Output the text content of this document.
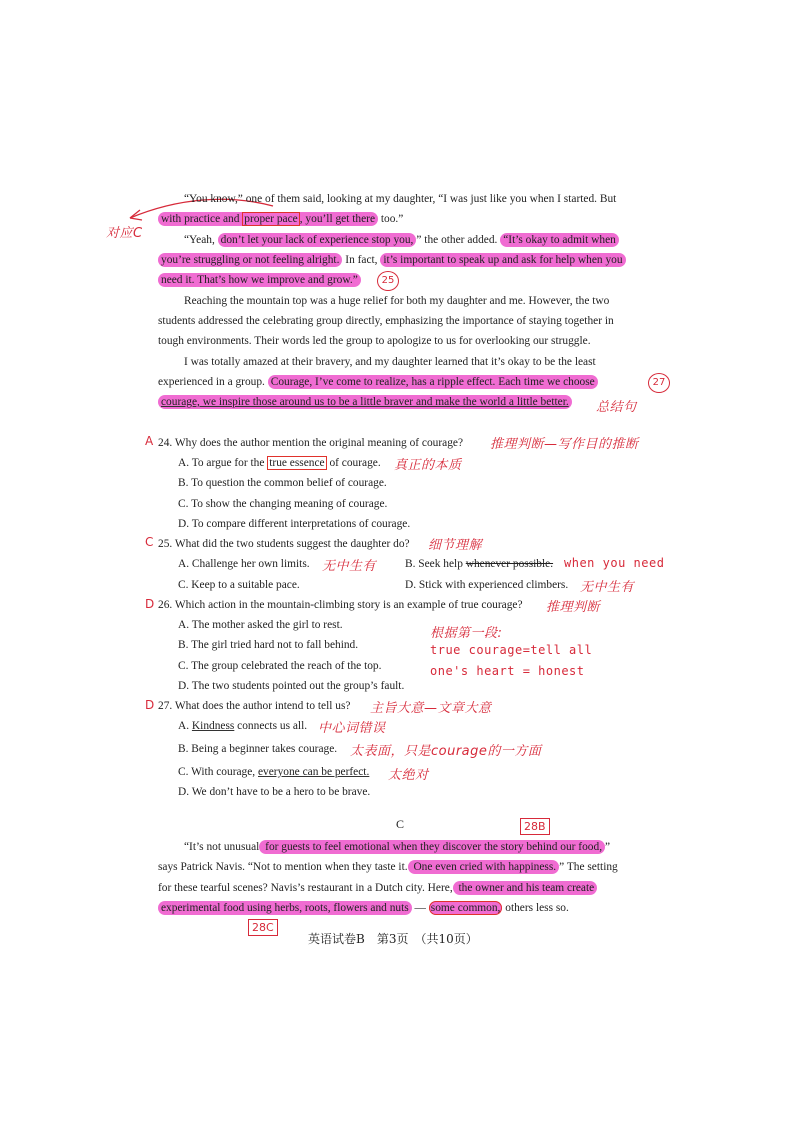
对应C
“You know,” one of them said, looking at my daughter, “I was just like you when I started. But
with practice and proper pace , you’ll get there too.”
“Yeah, don’t let your lack of experience stop you, ” the other added. “It’s okay to admit when
you’re struggling or not feeling alright. In fact, it’s important to speak up and ask for help when you
need it. That’s how we improve and grow.”	25
Reaching the mountain top was a huge relief for both my daughter and me. However, the two
students addressed the celebrating group directly, emphasizing the importance of staying together in
tough environments. Their words led the group to apologize to us for overlooking our struggle.
I was totally amazed at their bravery, and my daughter learned that it’s okay to be the least
experienced in a group. Courage, I’ve come to realize, has a ripple effect. Each time we choose	27
courage, we inspire those around us to be a little braver and make the world a little better.	总结句
A 24. Why does the author mention the original meaning of courage? 推理判断—写作目的推断
A. To argue for the true essence of courage. 真正的本质
B. To question the common belief of courage.
C. To show the changing meaning of courage.
D. To compare different interpretations of courage.
C 25. What did the two students suggest the daughter do? 细节理解
A. Challenge her own limits. 无中生有	B. Seek help whenever possible. when you need
C. Keep to a suitable pace.	D. Stick with experienced climbers. 无中生有
D 26. Which action in the mountain-climbing story is an example of true courage? 推理判断
A. The mother asked the girl to rest.
B. The girl tried hard not to fall behind.
C. The group celebrated the reach of the top.
D. The two students pointed out the group’s fault.
根据第一段:
true courage=tell all
one's heart = honest
D 27. What does the author intend to tell us? 主旨大意—文章大意
A. Kindness connects us all. 中心词错误
B. Being a beginner takes courage. 太表面，只是courage的一方面
C. With courage, everyone can be perfect. 太绝对
D. We don’t have to be a hero to be brave.
C	28B
“It’s not unusual for guests to feel emotional when they discover the story behind our food, ”
says Patrick Navis. “Not to mention when they taste it. One even cried with happiness. ” The setting
for these tearful scenes? Navis’s restaurant in a Dutch city. Here, the owner and his team create
experimental food using herbs, roots, flowers and nuts — some common, others less so.
28C
英语试卷B　第3页　（共10页）
